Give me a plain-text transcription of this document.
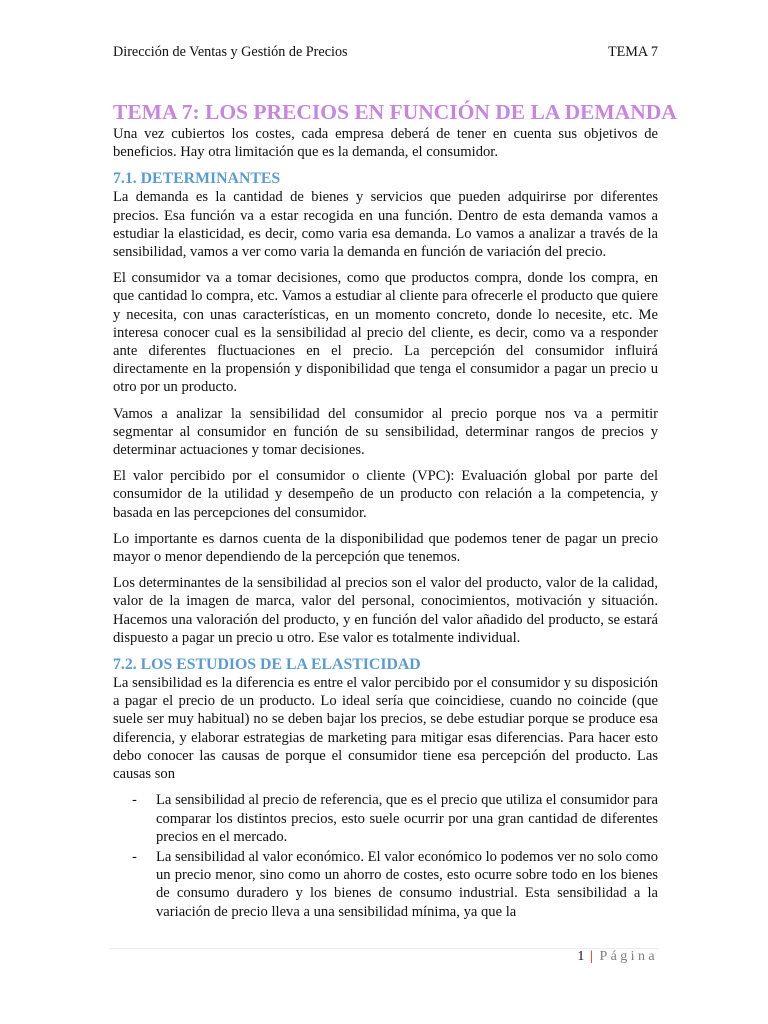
Dirección de Ventas y Gestión de Precios	TEMA 7
TEMA 7: LOS PRECIOS EN FUNCIÓN DE LA DEMANDA

Una vez cubiertos los costes, cada empresa deberá de tener en cuenta sus objetivos de beneficios. Hay otra limitación que es la demanda, el consumidor.

7.1. DETERMINANTES

La demanda es la cantidad de bienes y servicios que pueden adquirirse por diferentes precios. Esa función va a estar recogida en una función. Dentro de esta demanda vamos a estudiar la elasticidad, es decir, como varia esa demanda. Lo vamos a analizar a través de la sensibilidad, vamos a ver como varia la demanda en función de variación del precio.

El consumidor va a tomar decisiones, como que productos compra, donde los compra, en que cantidad lo compra, etc. Vamos a estudiar al cliente para ofrecerle el producto que quiere y necesita, con unas características, en un momento concreto, donde lo necesite, etc. Me interesa conocer cual es la sensibilidad al precio del cliente, es decir, como va a responder ante diferentes fluctuaciones en el precio. La percepción del consumidor influirá directamente en la propensión y disponibilidad que tenga el consumidor a pagar un precio u otro por un producto.

Vamos a analizar la sensibilidad del consumidor al precio porque nos va a permitir segmentar al consumidor en función de su sensibilidad, determinar rangos de precios y determinar actuaciones y tomar decisiones.

El valor percibido por el consumidor o cliente (VPC): Evaluación global por parte del consumidor de la utilidad y desempeño de un producto con relación a la competencia, y basada en las percepciones del consumidor.

Lo importante es darnos cuenta de la disponibilidad que podemos tener de pagar un precio mayor o menor dependiendo de la percepción que tenemos.

Los determinantes de la sensibilidad al precios son el valor del producto, valor de la calidad, valor de la imagen de marca, valor del personal, conocimientos, motivación y situación. Hacemos una valoración del producto, y en función del valor añadido del producto, se estará dispuesto a pagar un precio u otro. Ese valor es totalmente individual.

7.2. LOS ESTUDIOS DE LA ELASTICIDAD

La sensibilidad es la diferencia es entre el valor percibido por el consumidor y su disposición a pagar el precio de un producto. Lo ideal sería que coincidiese, cuando no coincide (que suele ser muy habitual) no se deben bajar los precios, se debe estudiar porque se produce esa diferencia, y elaborar estrategias de marketing para mitigar esas diferencias. Para hacer esto debo conocer las causas de porque el consumidor tiene esa percepción del producto. Las causas son

- La sensibilidad al precio de referencia, que es el precio que utiliza el consumidor para comparar los distintos precios, esto suele ocurrir por una gran cantidad de diferentes precios en el mercado.
- La sensibilidad al valor económico. El valor económico lo podemos ver no solo como un precio menor, sino como un ahorro de costes, esto ocurre sobre todo en los bienes de consumo duradero y los bienes de consumo industrial. Esta sensibilidad a la variación de precio lleva a una sensibilidad mínima, ya que la
1 | Página
